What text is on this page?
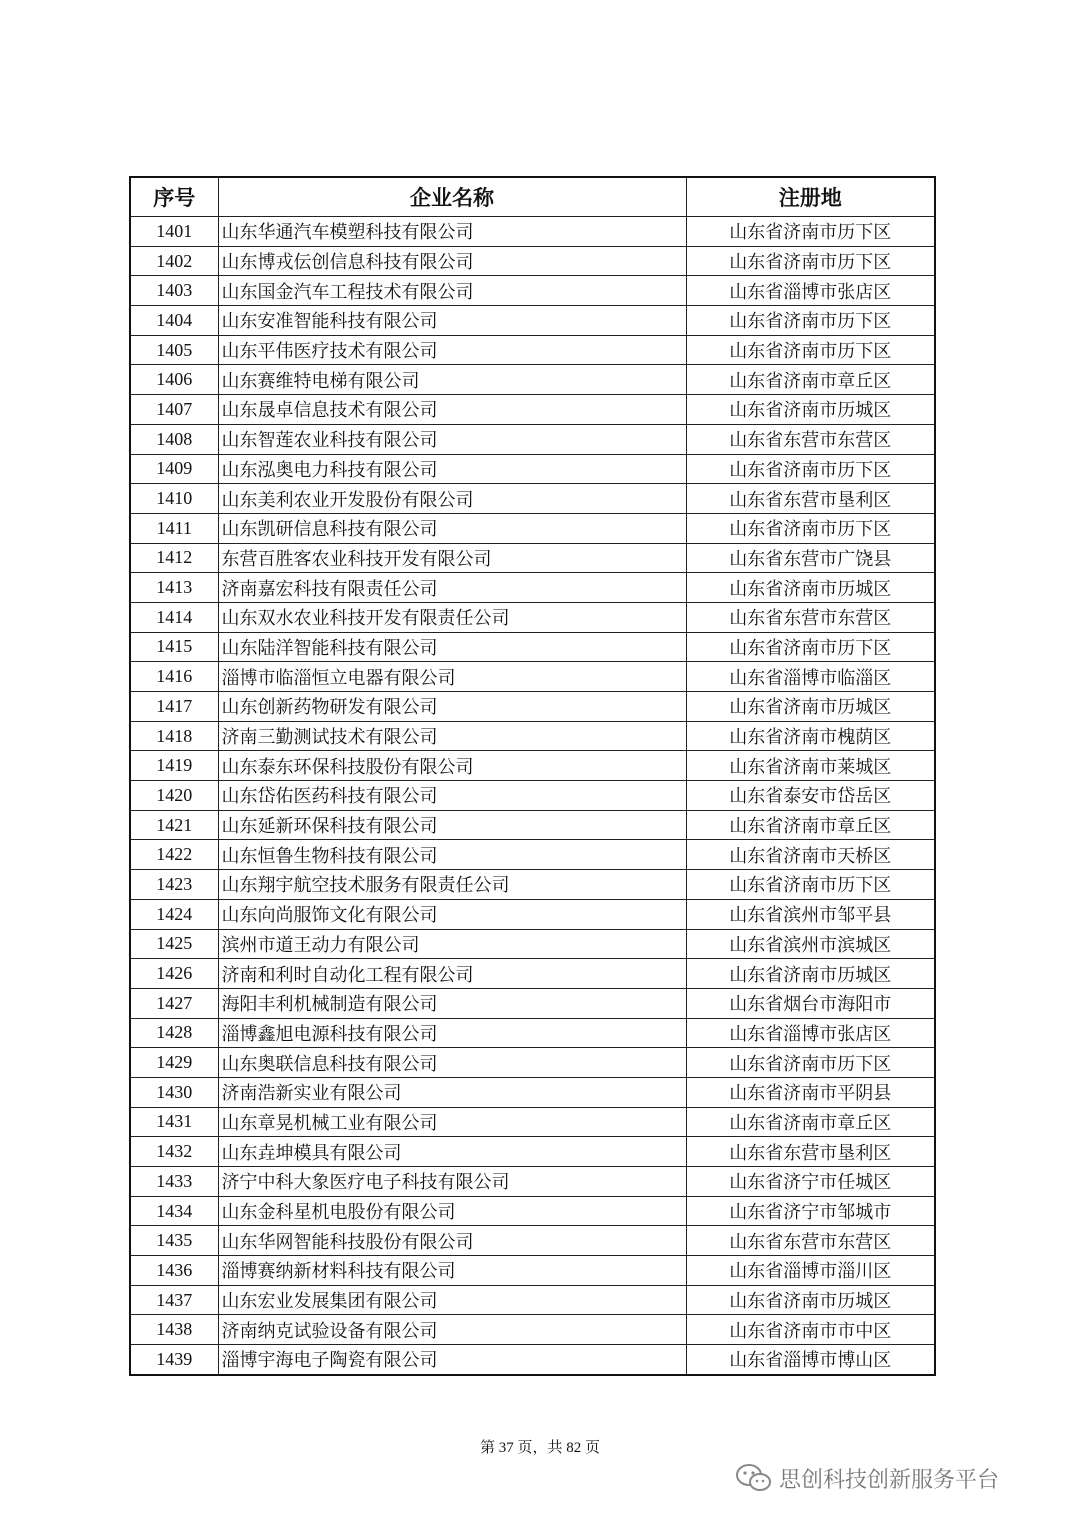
序号	企业名称	注册地
1401	山东华通汽车模塑科技有限公司	山东省济南市历下区
1402	山东博戎伝创信息科技有限公司	山东省济南市历下区
1403	山东国金汽车工程技术有限公司	山东省淄博市张店区
1404	山东安准智能科技有限公司	山东省济南市历下区
1405	山东平伟医疗技术有限公司	山东省济南市历下区
1406	山东赛维特电梯有限公司	山东省济南市章丘区
1407	山东晟卓信息技术有限公司	山东省济南市历城区
1408	山东智莲农业科技有限公司	山东省东营市东营区
1409	山东泓奥电力科技有限公司	山东省济南市历下区
1410	山东美利农业开发股份有限公司	山东省东营市垦利区
1411	山东凯研信息科技有限公司	山东省济南市历下区
1412	东营百胜客农业科技开发有限公司	山东省东营市广饶县
1413	济南嘉宏科技有限责任公司	山东省济南市历城区
1414	山东双水农业科技开发有限责任公司	山东省东营市东营区
1415	山东陆洋智能科技有限公司	山东省济南市历下区
1416	淄博市临淄恒立电器有限公司	山东省淄博市临淄区
1417	山东创新药物研发有限公司	山东省济南市历城区
1418	济南三勤测试技术有限公司	山东省济南市槐荫区
1419	山东泰东环保科技股份有限公司	山东省济南市莱城区
1420	山东岱佑医药科技有限公司	山东省泰安市岱岳区
1421	山东延新环保科技有限公司	山东省济南市章丘区
1422	山东恒鲁生物科技有限公司	山东省济南市天桥区
1423	山东翔宇航空技术服务有限责任公司	山东省济南市历下区
1424	山东向尚服饰文化有限公司	山东省滨州市邹平县
1425	滨州市道王动力有限公司	山东省滨州市滨城区
1426	济南和利时自动化工程有限公司	山东省济南市历城区
1427	海阳丰利机械制造有限公司	山东省烟台市海阳市
1428	淄博鑫旭电源科技有限公司	山东省淄博市张店区
1429	山东奥联信息科技有限公司	山东省济南市历下区
1430	济南浩新实业有限公司	山东省济南市平阴县
1431	山东章晃机械工业有限公司	山东省济南市章丘区
1432	山东垚坤模具有限公司	山东省东营市垦利区
1433	济宁中科大象医疗电子科技有限公司	山东省济宁市任城区
1434	山东金科星机电股份有限公司	山东省济宁市邹城市
1435	山东华网智能科技股份有限公司	山东省东营市东营区
1436	淄博赛纳新材料科技有限公司	山东省淄博市淄川区
1437	山东宏业发展集团有限公司	山东省济南市历城区
1438	济南纳克试验设备有限公司	山东省济南市市中区
1439	淄博宇海电子陶瓷有限公司	山东省淄博市博山区
第 37 页，共 82 页
思创科技创新服务平台
